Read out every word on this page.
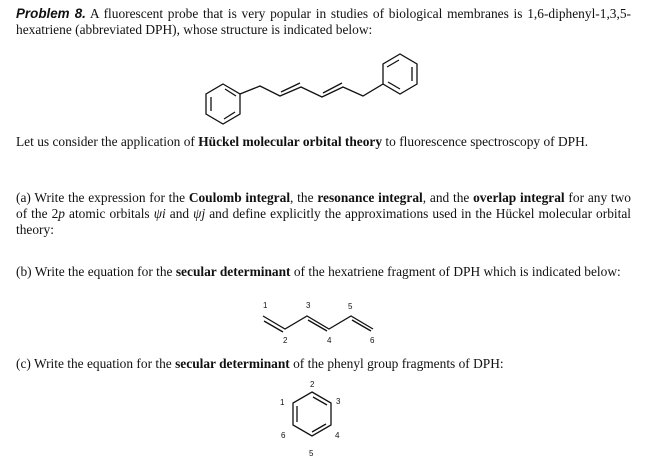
Problem 8. A fluorescent probe that is very popular in studies of biological membranes is 1,6-diphenyl-1,3,5-hexatriene (abbreviated DPH), whose structure is indicated below:
Let us consider the application of Hückel molecular orbital theory to fluorescence spectroscopy of DPH.
(a) Write the expression for the Coulomb integral, the resonance integral, and the overlap integral for any two of the 2p atomic orbitals ψi and ψj and define explicitly the approximations used in the Hückel molecular orbital theory:
(b) Write the equation for the secular determinant of the hexatriene fragment of DPH which is indicated below:
1
2
3
4
5
6
(c) Write the equation for the secular determinant of the phenyl group fragments of DPH:
2
1	3
4
6
5
